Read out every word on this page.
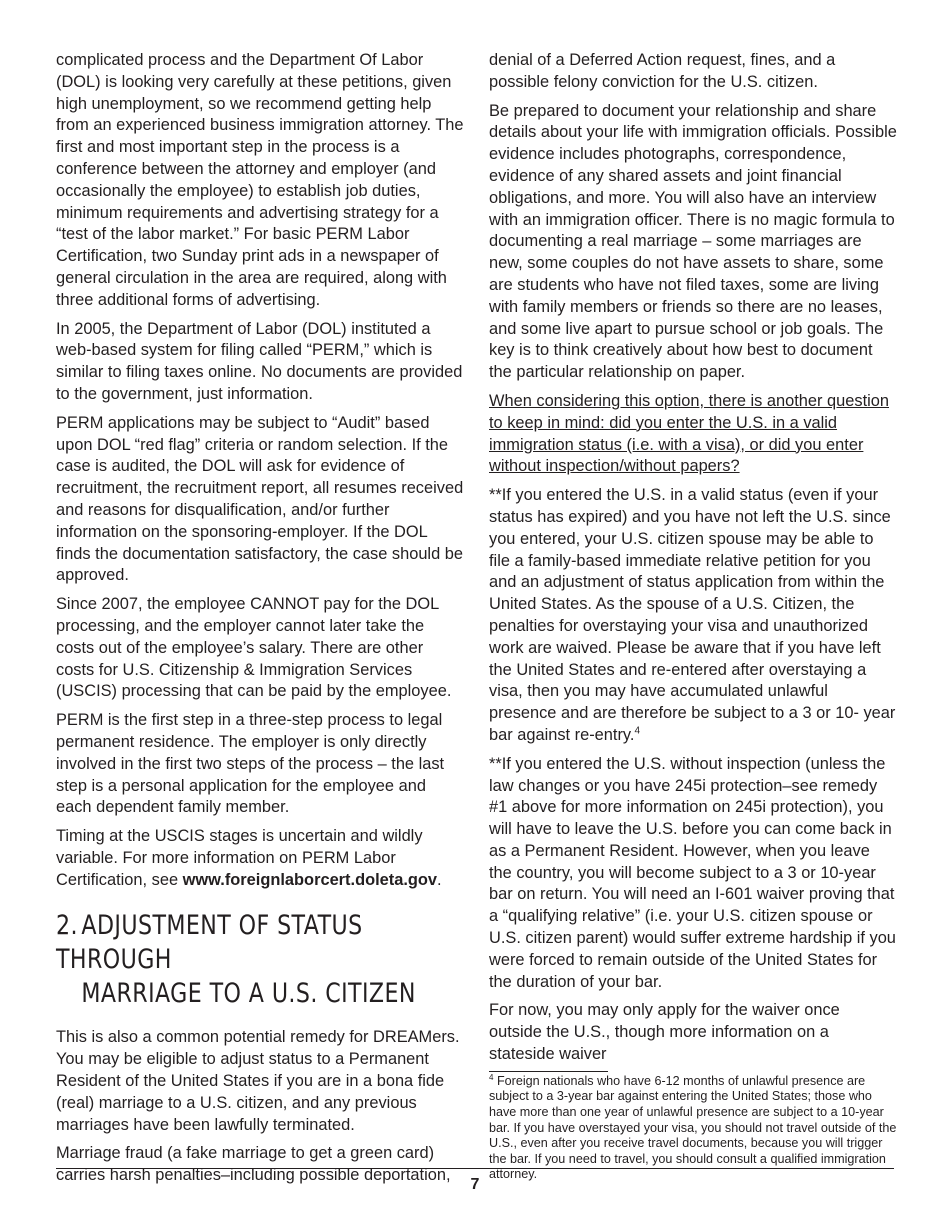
complicated process and the Department Of Labor (DOL) is looking very carefully at these petitions, given high unemployment, so we recommend getting help from an experienced business immigration attorney. The first and most important step in the process is a conference between the attorney and employer (and occasionally the employee) to establish job duties, minimum requirements and advertising strategy for a “test of the labor market.” For basic PERM Labor Certification, two Sunday print ads in a newspaper of general circulation in the area are required, along with three additional forms of advertising.

In 2005, the Department of Labor (DOL) instituted a web-based system for filing called “PERM,” which is similar to filing taxes online. No documents are provided to the government, just information.

PERM applications may be subject to “Audit” based upon DOL “red flag” criteria or random selection. If the case is audited, the DOL will ask for evidence of recruitment, the recruitment report, all resumes received and reasons for disqualification, and/or further information on the sponsoring-employer. If the DOL finds the documentation satisfactory, the case should be approved.

Since 2007, the employee CANNOT pay for the DOL processing, and the employer cannot later take the costs out of the employee’s salary. There are other costs for U.S. Citizenship & Immigration Services (USCIS) processing that can be paid by the employee.

PERM is the first step in a three-step process to legal permanent residence. The employer is only directly involved in the first two steps of the process – the last step is a personal application for the employee and each dependent family member.

Timing at the USCIS stages is uncertain and wildly variable. For more information on PERM Labor Certification, see www.foreignlaborcert.doleta.gov.

2. ADJUSTMENT OF STATUS THROUGH
MARRIAGE TO A U.S. CITIZEN

This is also a common potential remedy for DREAMers. You may be eligible to adjust status to a Permanent Resident of the United States if you are in a bona fide (real) marriage to a U.S. citizen, and any previous marriages have been lawfully terminated.

Marriage fraud (a fake marriage to get a green card) carries harsh penalties–including possible deportation,

denial of a Deferred Action request, fines, and a possible felony conviction for the U.S. citizen.

Be prepared to document your relationship and share details about your life with immigration officials. Possible evidence includes photographs, correspondence, evidence of any shared assets and joint financial obligations, and more. You will also have an interview with an immigration officer. There is no magic formula to documenting a real marriage – some marriages are new, some couples do not have assets to share, some are students who have not filed taxes, some are living with family members or friends so there are no leases, and some live apart to pursue school or job goals. The key is to think creatively about how best to document the particular relationship on paper.

When considering this option, there is another question to keep in mind: did you enter the U.S. in a valid immigration status (i.e. with a visa), or did you enter without inspection/without papers?

**If you entered the U.S. in a valid status (even if your status has expired) and you have not left the U.S. since you entered, your U.S. citizen spouse may be able to file a family-based immediate relative petition for you and an adjustment of status application from within the United States. As the spouse of a U.S. Citizen, the penalties for overstaying your visa and unauthorized work are waived. Please be aware that if you have left the United States and re-entered after overstaying a visa, then you may have accumulated unlawful presence and are therefore be subject to a 3 or 10- year bar against re-entry.$^4$

**If you entered the U.S. without inspection (unless the law changes or you have 245i protection–see remedy #1 above for more information on 245i protection), you will have to leave the U.S. before you can come back in as a Permanent Resident. However, when you leave the country, you will become subject to a 3 or 10-year bar on return. You will need an I-601 waiver proving that a “qualifying relative” (i.e. your U.S. citizen spouse or U.S. citizen parent) would suffer extreme hardship if you were forced to remain outside of the United States for the duration of your bar.

For now, you may only apply for the waiver once outside the U.S., though more information on a stateside waiver

$^4$ Foreign nationals who have 6-12 months of unlawful presence are subject to a 3-year bar against entering the United States; those who have more than one year of unlawful presence are subject to a 10-year bar. If you have overstayed your visa, you should not travel outside of the U.S., even after you receive travel documents, because you will trigger the bar. If you need to travel, you should consult a qualified immigration attorney.

7
